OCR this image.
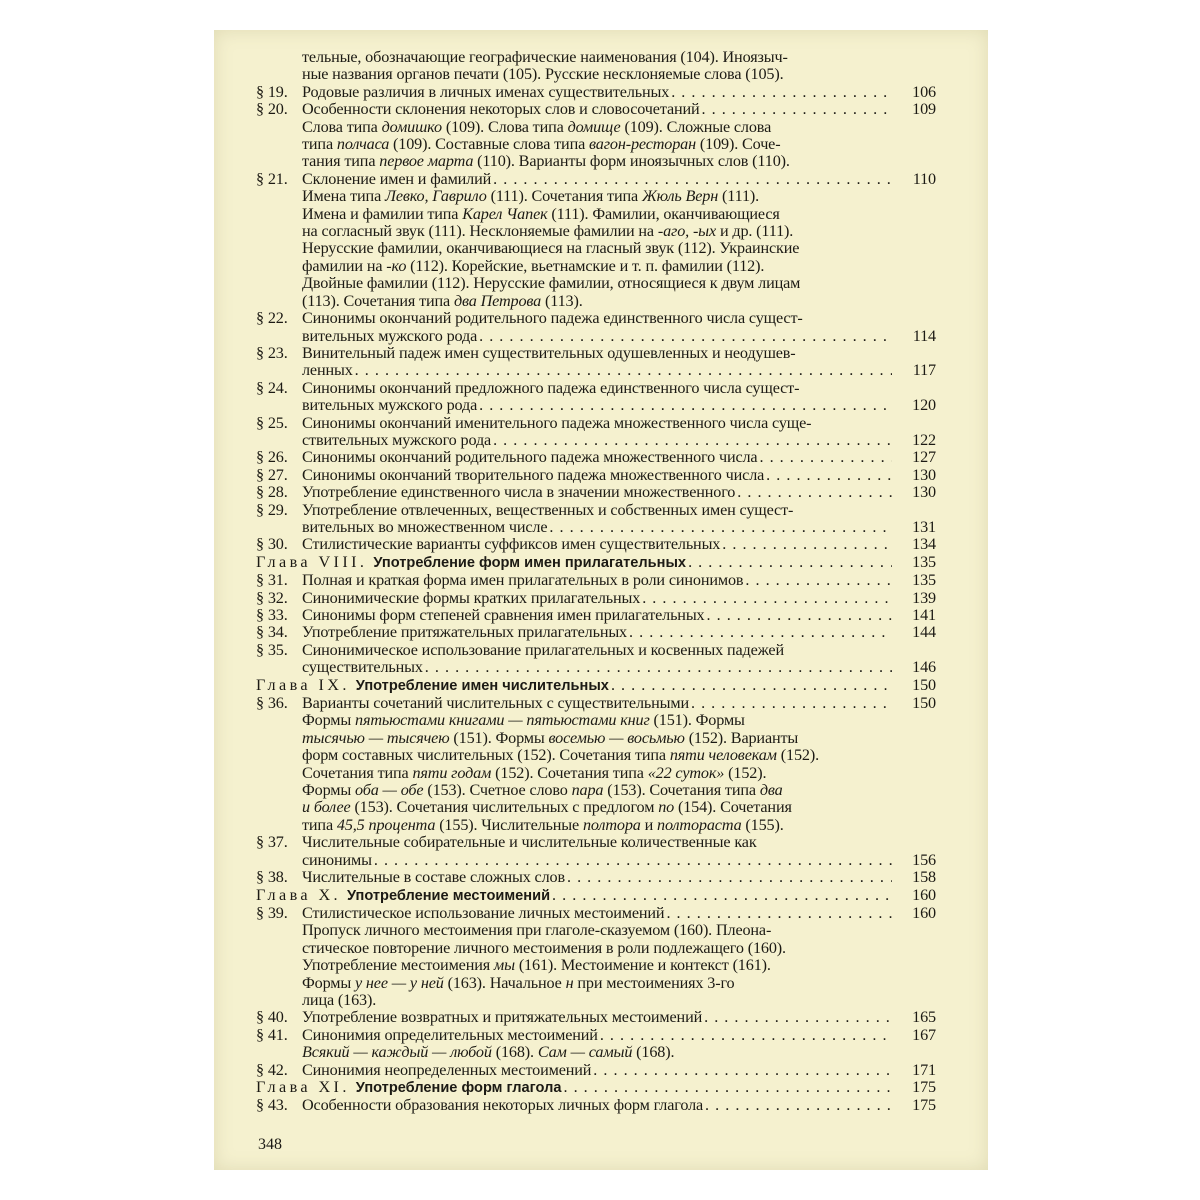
тельные, обозначающие географические наименования (104). Иноязыч-
ные названия органов печати (105). Русские несклоняемые слова (105).
§ 19. Родовые различия в личных именах существительных . . .	106
§ 20. Особенности склонения некоторых слов и словосочетаний . . .	109
Слова типа домишко (109). Слова типа домище (109). Сложные слова
типа полчаса (109). Составные слова типа вагон-ресторан (109). Соче-
тания типа первое марта (110). Варианты форм иноязычных слов (110).
§ 21. Склонение имен и фамилий . . .	110
Имена типа Левко, Гаврило (111). Сочетания типа Жюль Верн (111).
Имена и фамилии типа Карел Чапек (111). Фамилии, оканчивающиеся
на согласный звук (111). Несклоняемые фамилии на -аго, -ых и др. (111).
Нерусские фамилии, оканчивающиеся на гласный звук (112). Украинские
фамилии на -ко (112). Корейские, вьетнамские и т. п. фамилии (112).
Двойные фамилии (112). Нерусские фамилии, относящиеся к двум лицам
(113). Сочетания типа два Петрова (113).
§ 22. Синонимы окончаний родительного падежа единственного числа сущест-
вительных мужского рода . . .	114
§ 23. Винительный падеж имен существительных одушевленных и неодушев-
ленных . . .	117
§ 24. Синонимы окончаний предложного падежа единственного числа сущест-
вительных мужского рода . . .	120
§ 25. Синонимы окончаний именительного падежа множественного числа суще-
ствительных мужского рода . . .	122
§ 26. Синонимы окончаний родительного падежа множественного числа . . .	127
§ 27. Синонимы окончаний творительного падежа множественного числа . . .	130
§ 28. Употребление единственного числа в значении множественного . . .	130
§ 29. Употребление отвлеченных, вещественных и собственных имен сущест-
вительных во множественном числе . . .	131
§ 30. Стилистические варианты суффиксов имен существительных . . .	134
Глава VIII. Употребление форм имен прилагательных . . .	135
§ 31. Полная и краткая форма имен прилагательных в роли синонимов . . .	135
§ 32. Синонимические формы кратких прилагательных . . .	139
§ 33. Синонимы форм степеней сравнения имен прилагательных . . .	141
§ 34. Употребление притяжательных прилагательных . . .	144
§ 35. Синонимическое использование прилагательных и косвенных падежей
существительных . . .	146
Глава IX. Употребление имен числительных . . .	150
§ 36. Варианты сочетаний числительных с существительными . . .	150
Формы пятьюстами книгами — пятьюстами книг (151). Формы
тысячью — тысячею (151). Формы восемью — восьмью (152). Варианты
форм составных числительных (152). Сочетания типа пяти человекам (152).
Сочетания типа пяти годам (152). Сочетания типа «22 суток» (152).
Формы оба — обе (153). Счетное слово пара (153). Сочетания типа два
и более (153). Сочетания числительных с предлогом по (154). Сочетания
типа 45,5 процента (155). Числительные полтора и полтораста (155).
§ 37. Числительные собирательные и числительные количественные как
синонимы . . .	156
§ 38. Числительные в составе сложных слов . . .	158
Глава X. Употребление местоимений . . .	160
§ 39. Стилистическое использование личных местоимений . . .	160
Пропуск личного местоимения при глаголе-сказуемом (160). Плеона-
стическое повторение личного местоимения в роли подлежащего (160).
Употребление местоимения мы (161). Местоимение и контекст (161).
Формы у нее — у ней (163). Начальное н при местоимениях 3-го
лица (163).
§ 40. Употребление возвратных и притяжательных местоимений . . .	165
§ 41. Синонимия определительных местоимений . . .	167
Всякий — каждый — любой (168). Сам — самый (168).
§ 42. Синонимия неопределенных местоимений . . .	171
Глава XI. Употребление форм глагола . . .	175
§ 43. Особенности образования некоторых личных форм глагола . . .	175
348
